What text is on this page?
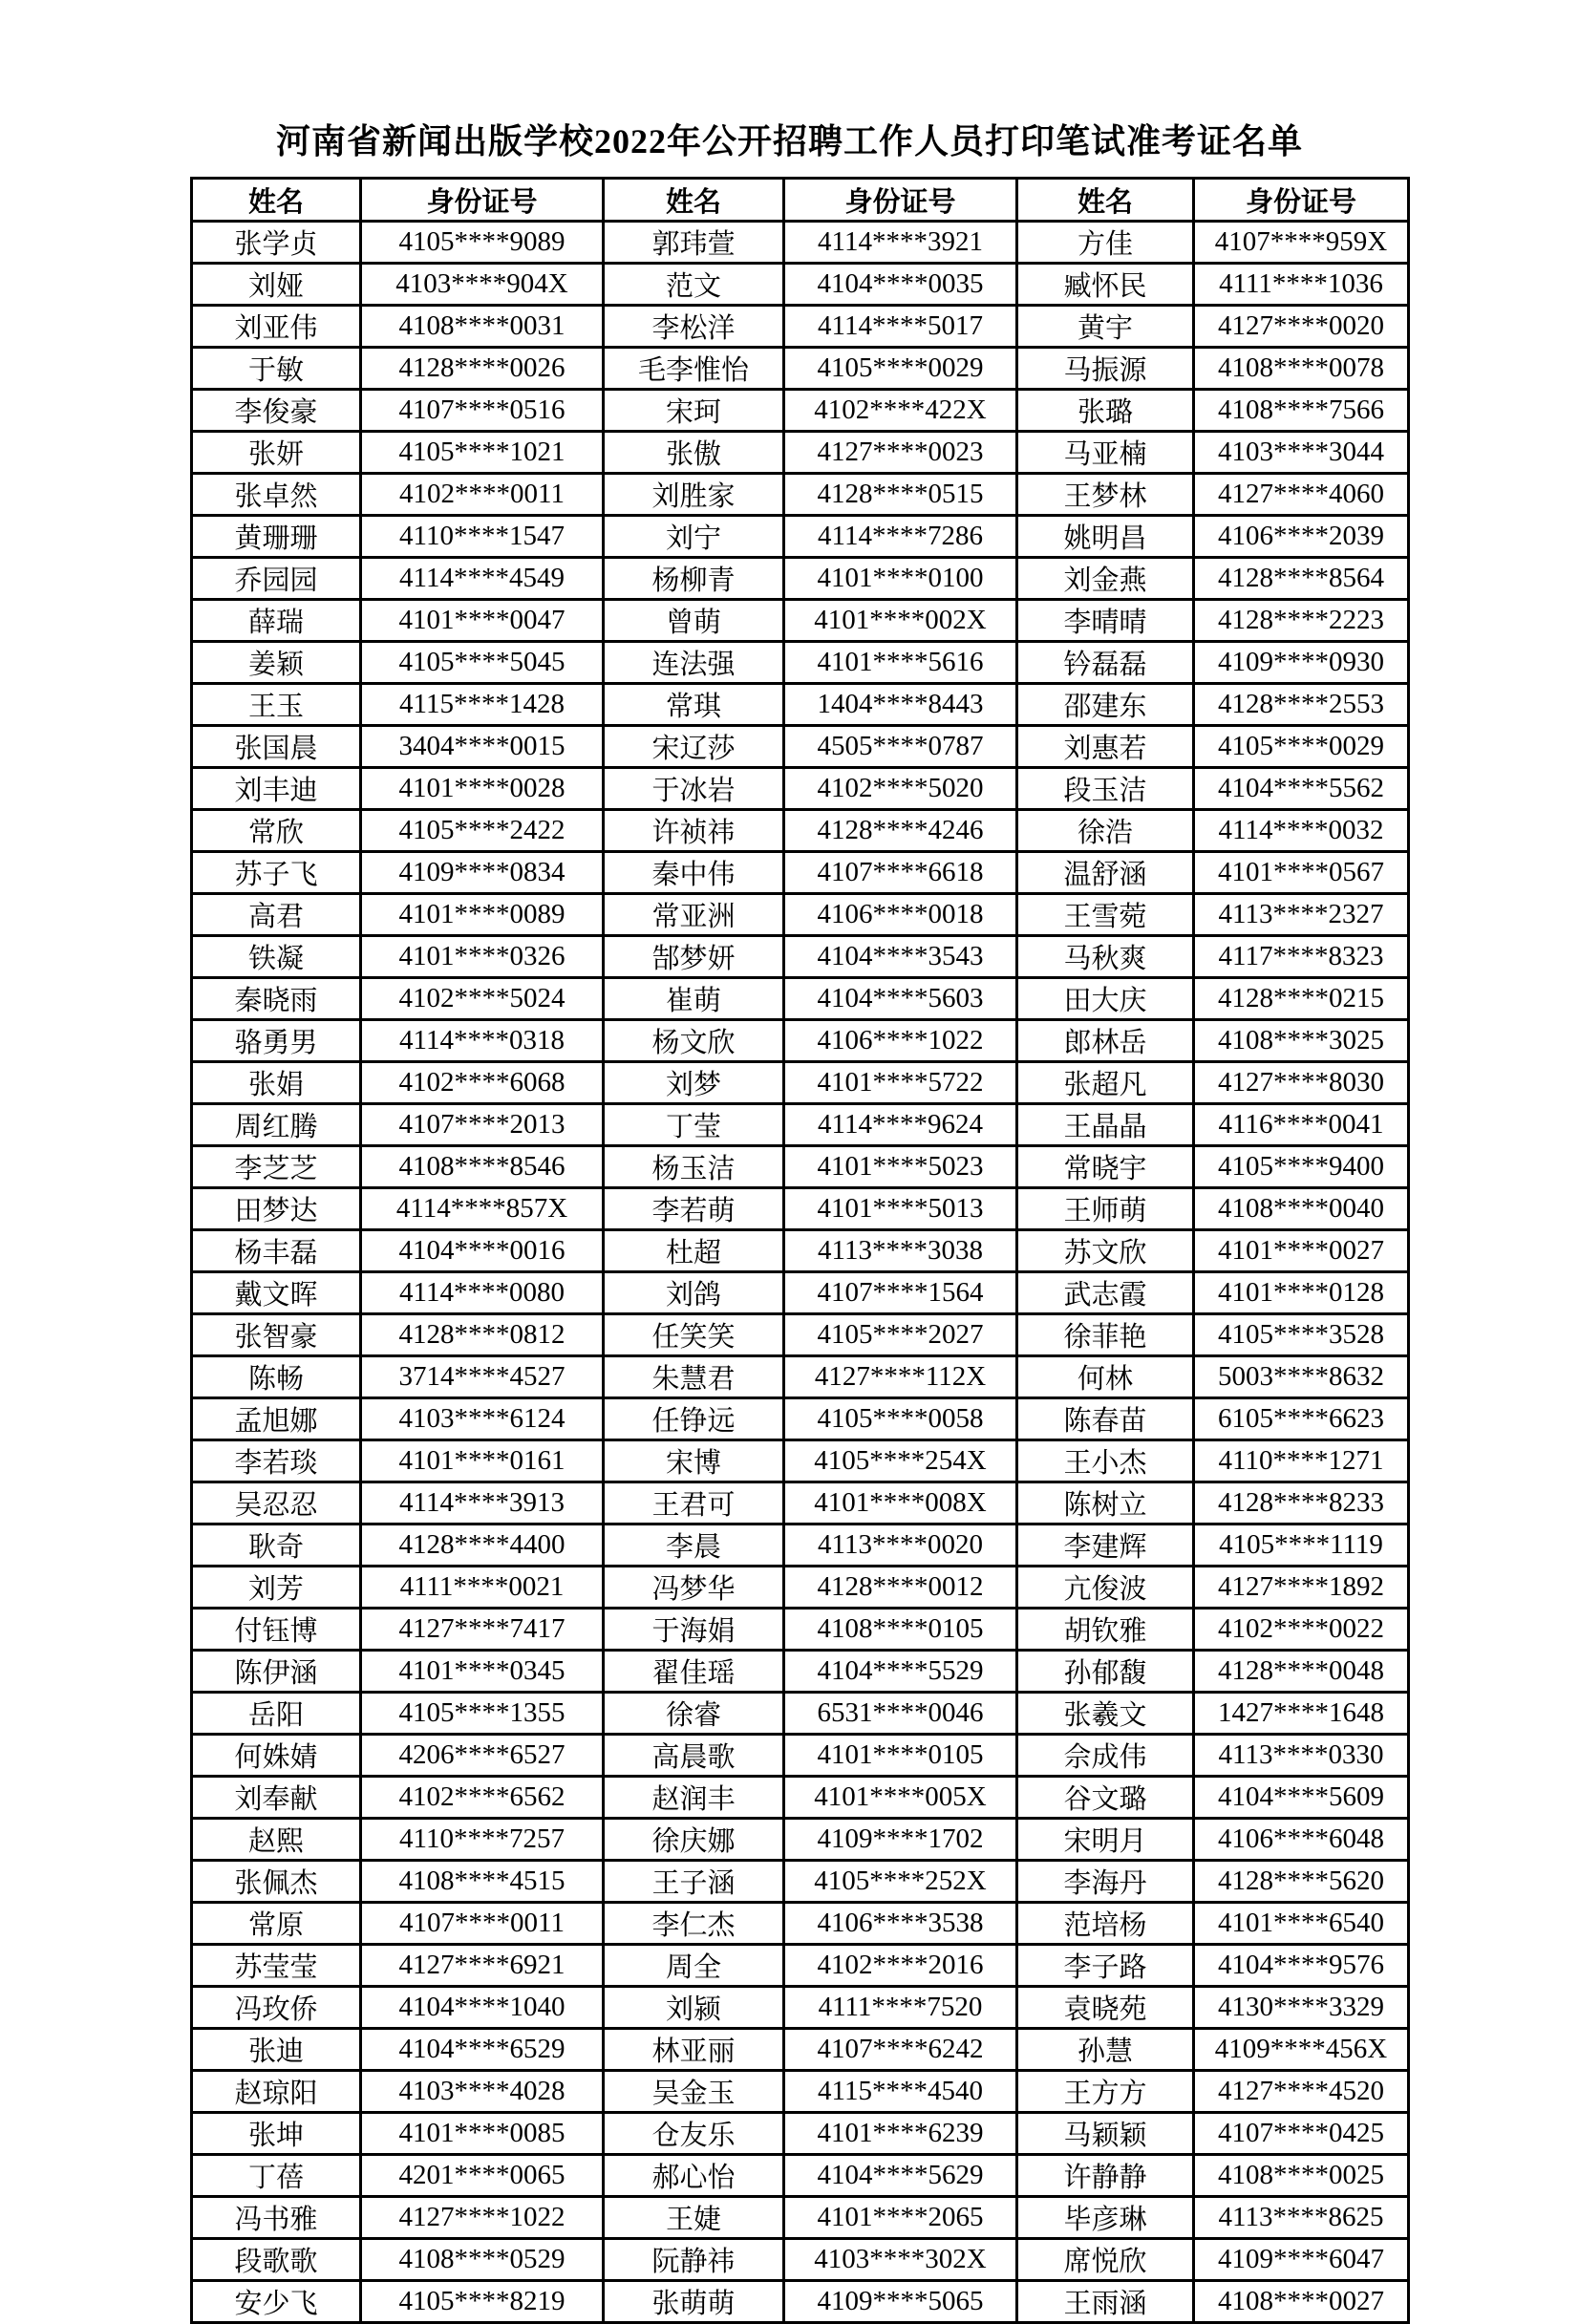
河南省新闻出版学校2022年公开招聘工作人员打印笔试准考证名单
姓名	身份证号	姓名	身份证号	姓名	身份证号
张学贞	4105****9089	郭玮萱	4114****3921	方佳	4107****959X
刘娅	4103****904X	范文	4104****0035	臧怀民	4111****1036
刘亚伟	4108****0031	李松洋	4114****5017	黄宇	4127****0020
于敏	4128****0026	毛李惟怡	4105****0029	马振源	4108****0078
李俊豪	4107****0516	宋珂	4102****422X	张璐	4108****7566
张妍	4105****1021	张傲	4127****0023	马亚楠	4103****3044
张卓然	4102****0011	刘胜家	4128****0515	王梦林	4127****4060
黄珊珊	4110****1547	刘宁	4114****7286	姚明昌	4106****2039
乔园园	4114****4549	杨柳青	4101****0100	刘金燕	4128****8564
薛瑞	4101****0047	曾萌	4101****002X	李晴晴	4128****2223
姜颖	4105****5045	连法强	4101****5616	钤磊磊	4109****0930
王玉	4115****1428	常琪	1404****8443	邵建东	4128****2553
张国晨	3404****0015	宋辽莎	4505****0787	刘惠若	4105****0029
刘丰迪	4101****0028	于冰岩	4102****5020	段玉洁	4104****5562
常欣	4105****2422	许祯祎	4128****4246	徐浩	4114****0032
苏子飞	4109****0834	秦中伟	4107****6618	温舒涵	4101****0567
高君	4101****0089	常亚洲	4106****0018	王雪菀	4113****2327
铁凝	4101****0326	郜梦妍	4104****3543	马秋爽	4117****8323
秦晓雨	4102****5024	崔萌	4104****5603	田大庆	4128****0215
骆勇男	4114****0318	杨文欣	4106****1022	郎林岳	4108****3025
张娟	4102****6068	刘梦	4101****5722	张超凡	4127****8030
周红腾	4107****2013	丁莹	4114****9624	王晶晶	4116****0041
李芝芝	4108****8546	杨玉洁	4101****5023	常晓宇	4105****9400
田梦达	4114****857X	李若萌	4101****5013	王师萌	4108****0040
杨丰磊	4104****0016	杜超	4113****3038	苏文欣	4101****0027
戴文晖	4114****0080	刘鸽	4107****1564	武志霞	4101****0128
张智豪	4128****0812	任笑笑	4105****2027	徐菲艳	4105****3528
陈畅	3714****4527	朱慧君	4127****112X	何林	5003****8632
孟旭娜	4103****6124	任铮远	4105****0058	陈春苗	6105****6623
李若琰	4101****0161	宋博	4105****254X	王小杰	4110****1271
吴忍忍	4114****3913	王君可	4101****008X	陈树立	4128****8233
耿奇	4128****4400	李晨	4113****0020	李建辉	4105****1119
刘芳	4111****0021	冯梦华	4128****0012	亢俊波	4127****1892
付钰博	4127****7417	于海娟	4108****0105	胡钦雅	4102****0022
陈伊涵	4101****0345	翟佳瑶	4104****5529	孙郁馥	4128****0048
岳阳	4105****1355	徐睿	6531****0046	张羲文	1427****1648
何姝婧	4206****6527	高晨歌	4101****0105	佘成伟	4113****0330
刘奉献	4102****6562	赵润丰	4101****005X	谷文璐	4104****5609
赵熙	4110****7257	徐庆娜	4109****1702	宋明月	4106****6048
张佩杰	4108****4515	王子涵	4105****252X	李海丹	4128****5620
常原	4107****0011	李仁杰	4106****3538	范培杨	4101****6540
苏莹莹	4127****6921	周全	4102****2016	李子路	4104****9576
冯玫侨	4104****1040	刘颍	4111****7520	袁晓苑	4130****3329
张迪	4104****6529	林亚丽	4107****6242	孙慧	4109****456X
赵琼阳	4103****4028	吴金玉	4115****4540	王方方	4127****4520
张坤	4101****0085	仓友乐	4101****6239	马颖颖	4107****0425
丁蓓	4201****0065	郝心怡	4104****5629	许静静	4108****0025
冯书雅	4127****1022	王婕	4101****2065	毕彦琳	4113****8625
段歌歌	4108****0529	阮静祎	4103****302X	席悦欣	4109****6047
安少飞	4105****8219	张萌萌	4109****5065	王雨涵	4108****0027
